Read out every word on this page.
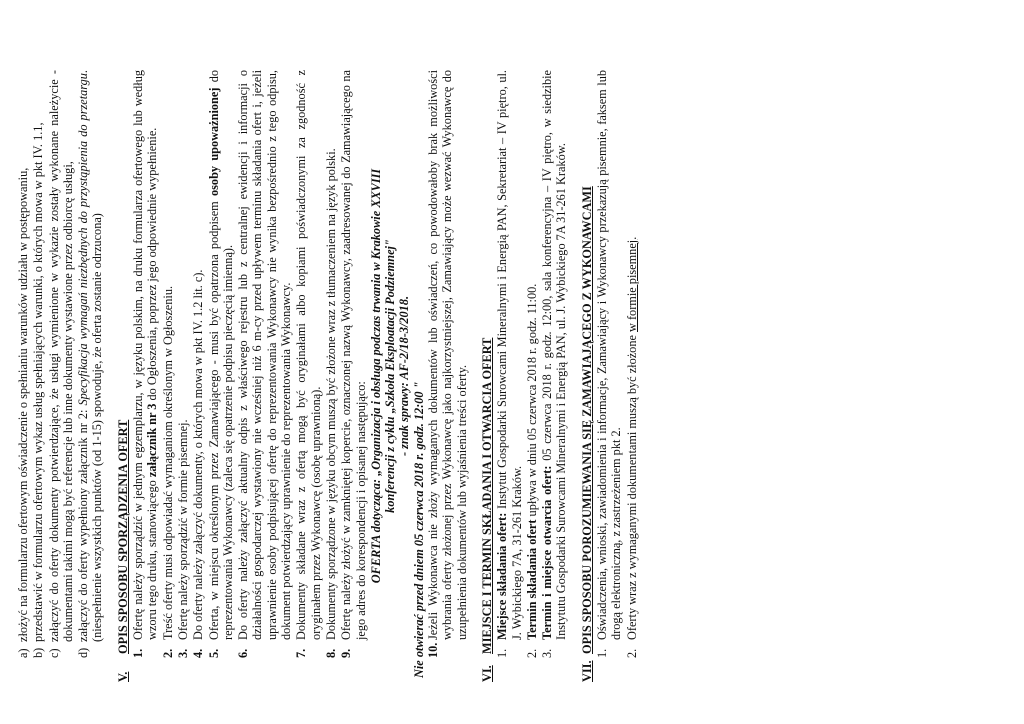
a)
złożyć na formularzu ofertowym oświadczenie o spełnianiu warunków udziału w postępowaniu,
b)
przedstawić w formularzu ofertowym wykaz usług spełniających warunki, o których mowa w pkt IV. 1.1,
c)
załączyć do oferty dokumenty potwierdzające, że usługi wymienione w wykazie zostały wykonane należycie - dokumentami takimi mogą być referencje lub inne dokumenty wystawione przez odbiorcę usługi,
d)
załączyć do oferty wypełniony załącznik nr 2: Specyfikacja wymagań niezbędnych do przystąpienia do przetargu. (niespełnienie wszystkich punktów (od 1-15) spowoduje, że oferta zostanie odrzucona)
V.
OPIS SPOSOBU SPORZĄDZENIA OFERT 1.
Ofertę należy sporządzić w jednym egzemplarzu, w języku polskim, na druku formularza ofertowego lub według wzoru tego druku, stanowiącego załącznik nr 3 do Ogłoszenia, poprzez jego odpowiednie wypełnienie.
2.
Treść oferty musi odpowiadać wymaganiom określonym w Ogłoszeniu.
3.
Ofertę należy sporządzić w formie pisemnej.
4.
Do oferty należy załączyć dokumenty, o których mowa w pkt IV. 1.2 lit. c).
5.
Oferta, w miejscu określonym przez Zamawiającego - musi być opatrzona podpisem osoby upoważnionej do reprezentowania Wykonawcy (zaleca się opatrzenie podpisu pieczęcią imienną).
6.
Do oferty należy załączyć aktualny odpis z właściwego rejestru lub z centralnej ewidencji i informacji o działalności gospodarczej wystawiony nie wcześniej niż 6 m-cy przed upływem terminu składania ofert i, jeżeli uprawnienie osoby podpisującej ofertę do reprezentowania Wykonawcy nie wynika bezpośrednio z tego odpisu, dokument potwierdzający uprawnienie do reprezentowania Wykonawcy.
7.
Dokumenty składane wraz z ofertą mogą być oryginałami albo kopiami poświadczonymi za zgodność z oryginałem przez Wykonawcę (osobę uprawnioną).
8.
Dokumenty sporządzone w języku obcym muszą być złożone wraz z tłumaczeniem na język polski.
9.
Ofertę należy złożyć w zamkniętej kopercie, oznaczonej nazwą Wykonawcy, zaadresowanej do Zamawiającego na jego adres do korespondencji i opisanej następująco: OFERTA dotycząca: „Organizacja i obsługa podczas trwania w Krakowie XXVIII konferencji z cyklu „Szkoła Eksploatacji Podziemnej" - znak sprawy: AF-2/18-3/2018.
Nie otwierać przed dniem 05 czerwca 2018 r. godz. 12:00 " 10.
Jeżeli Wykonawca nie złoży wymaganych dokumentów lub oświadczeń, co powodowałoby brak możliwości wybrania oferty złożonej przez Wykonawcę jako najkorzystniejszej, Zamawiający może wezwać Wykonawcę do uzupełnienia dokumentów lub wyjaśnienia treści oferty.
VI.
MIEJSCE I TERMIN SKŁADANIA I OTWARCIA OFERT 1.
Miejsce składania ofert: Instytut Gospodarki Surowcami Mineralnymi i Energią PAN, Sekretariat – IV piętro, ul. J. Wybickiego 7A, 31-261 Kraków.
2.
Termin składania ofert upływa w dniu 05 czerwca 2018 r. godz. 11:00.
3.
Termin i miejsce otwarcia ofert: 05 czerwca 2018 r. godz. 12:00, sala konferencyjna – IV piętro, w siedzibie Instytutu Gospodarki Surowcami Mineralnymi i Energią PAN, ul. J. Wybickiego 7A 31-261 Kraków.
VII.
OPIS SPOSOBU POROZUMIEWANIA SIĘ ZAMAWIAJĄCEGO Z WYKONAWCAMI 1.
Oświadczenia, wnioski, zawiadomienia i informacje, Zamawiający i Wykonawcy przekazują pisemnie, faksem lub drogą elektroniczną, z zastrzeżeniem pkt 2.
2.
Oferty wraz z wymaganymi dokumentami muszą być złożone w formie pisemnej.
